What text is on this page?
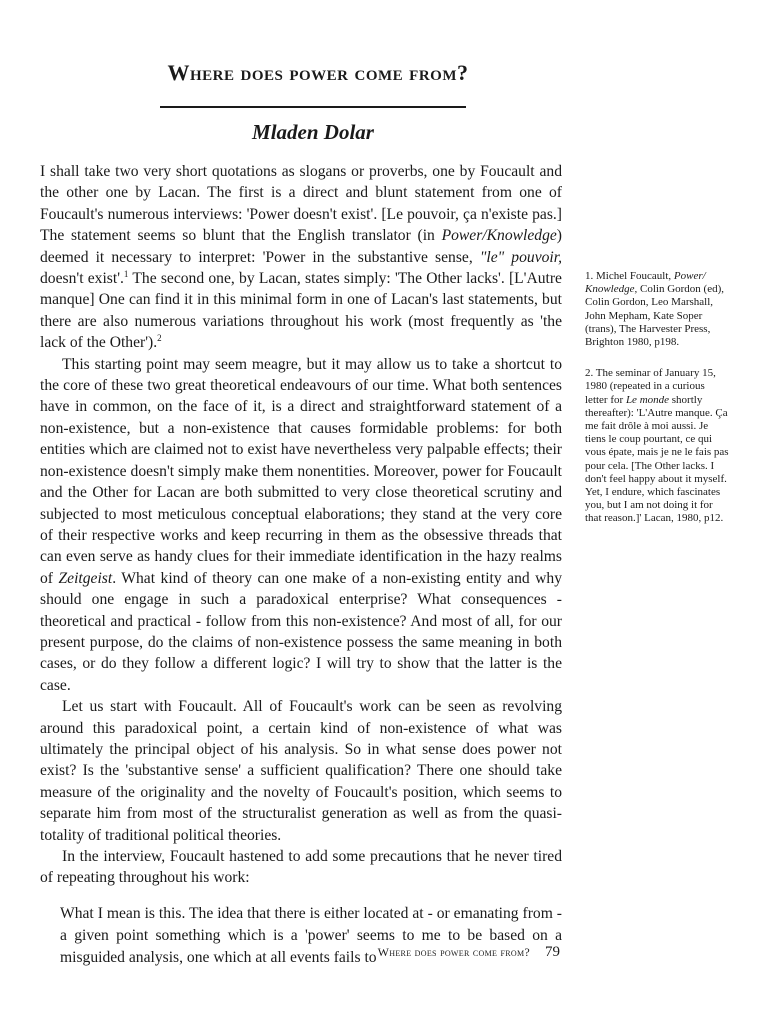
Where does power come from?
Mladen Dolar

I shall take two very short quotations as slogans or proverbs, one by Foucault and the other one by Lacan. The first is a direct and blunt statement from one of Foucault's numerous interviews: 'Power doesn't exist'. [Le pouvoir, ça n'existe pas.] The statement seems so blunt that the English translator (in Power/Knowledge) deemed it necessary to interpret: 'Power in the substantive sense, "le" pouvoir, doesn't exist'.$^1$ The second one, by Lacan, states simply: 'The Other lacks'. [L'Autre manque] One can find it in this minimal form in one of Lacan's last statements, but there are also numerous variations throughout his work (most frequently as 'the lack of the Other').$^2$

This starting point may seem meagre, but it may allow us to take a shortcut to the core of these two great theoretical endeavours of our time. What both sentences have in common, on the face of it, is a direct and straightforward statement of a non-existence, but a non-existence that causes formidable problems: for both entities which are claimed not to exist have nevertheless very palpable effects; their non-existence doesn't simply make them nonentities. Moreover, power for Foucault and the Other for Lacan are both submitted to very close theoretical scrutiny and subjected to most meticulous conceptual elaborations; they stand at the very core of their respective works and keep recurring in them as the obsessive threads that can even serve as handy clues for their immediate identification in the hazy realms of Zeitgeist. What kind of theory can one make of a non-existing entity and why should one engage in such a paradoxical enterprise? What consequences - theoretical and practical - follow from this non-existence? And most of all, for our present purpose, do the claims of non-existence possess the same meaning in both cases, or do they follow a different logic? I will try to show that the latter is the case.

Let us start with Foucault. All of Foucault's work can be seen as revolving around this paradoxical point, a certain kind of non-existence of what was ultimately the principal object of his analysis. So in what sense does power not exist? Is the 'substantive sense' a sufficient qualification? There one should take measure of the originality and the novelty of Foucault's position, which seems to separate him from most of the structuralist generation as well as from the quasi-totality of traditional political theories.

In the interview, Foucault hastened to add some precautions that he never tired of repeating throughout his work:

What I mean is this. The idea that there is either located at - or emanating from - a given point something which is a 'power' seems to me to be based on a misguided analysis, one which at all events fails to

1. Michel Foucault, Power/ Knowledge, Colin Gordon (ed), Colin Gordon, Leo Marshall, John Mepham, Kate Soper (trans), The Harvester Press, Brighton 1980, p198.
2. The seminar of January 15, 1980 (repeated in a curious letter for Le monde shortly thereafter): 'L'Autre manque. Ça me fait drôle à moi aussi. Je tiens le coup pourtant, ce qui vous épate, mais je ne le fais pas pour cela. [The Other lacks. I don't feel happy about it myself. Yet, I endure, which fascinates you, but I am not doing it for that reason.]' Lacan, 1980, p12.
Where does power come from? 79
